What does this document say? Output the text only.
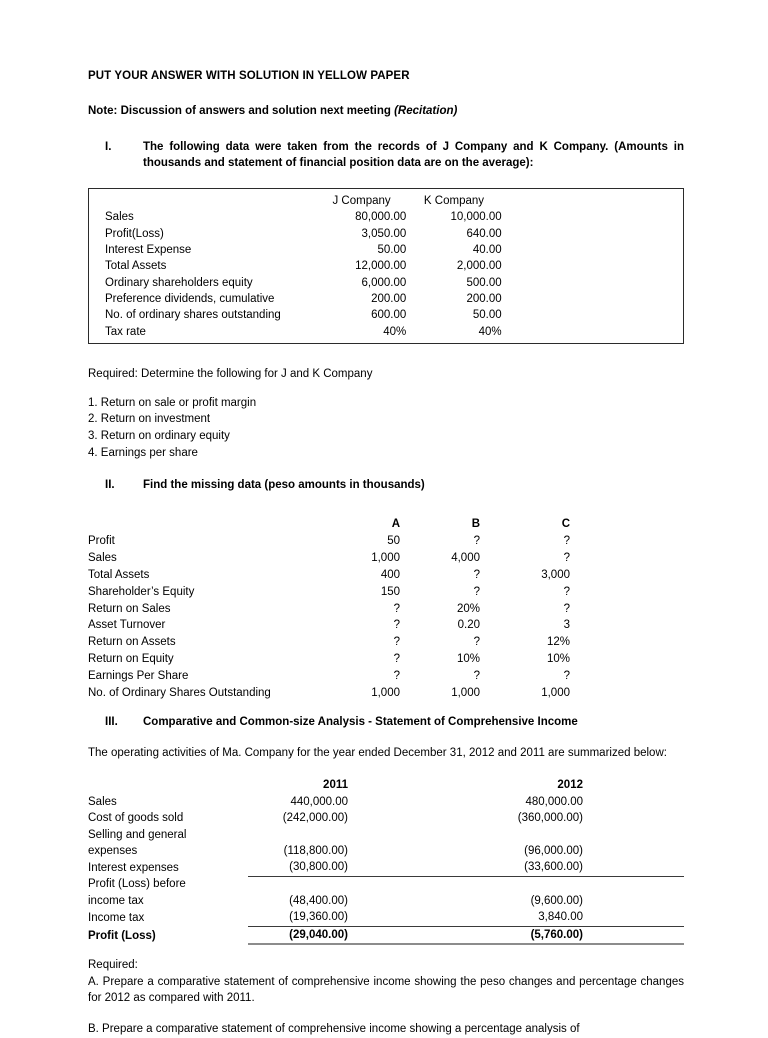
PUT YOUR ANSWER WITH SOLUTION IN YELLOW PAPER
Note: Discussion of answers and solution next meeting (Recitation)
I.	The following data were taken from the records of J Company and K Company. (Amounts in thousands and statement of financial position data are on the average):
	J Company	K Company	
Sales	80,000.00	10,000.00	
Profit(Loss)	3,050.00	640.00	
Interest Expense	50.00	40.00	
Total Assets	12,000.00	2,000.00	
Ordinary shareholders equity	6,000.00	500.00	
Preference dividends, cumulative	200.00	200.00	
No. of ordinary shares outstanding	600.00	50.00	
Tax rate	40%	40%	
Required: Determine the following for J and K Company
1. Return on sale or profit margin
2. Return on investment
3. Return on ordinary equity
4. Earnings per share
II.	Find the missing data (peso amounts in thousands)
	A	B	C	
Profit	50	?	?	
Sales	1,000	4,000	?	
Total Assets	400	?	3,000	
Shareholder’s Equity	150	?	?	
Return on Sales	?	20%	?	
Asset Turnover	?	0.20	3	
Return on Assets	?	?	12%	
Return on Equity	?	10%	10%	
Earnings Per Share	?	?	?	
No. of Ordinary Shares Outstanding	1,000	1,000	1,000	
III.	Comparative and Common-size Analysis - Statement of Comprehensive Income
The operating activities of Ma. Company for the year ended December 31, 2012 and 2011 are summarized below:
	2011		2012	
Sales	440,000.00		480,000.00	
Cost of goods sold	(242,000.00)		(360,000.00)	
Selling and general				
expenses	(118,800.00)		(96,000.00)	
Interest expenses	(30,800.00)		(33,600.00)	
Profit (Loss) before				
income tax	(48,400.00)		(9,600.00)	
Income tax	(19,360.00)		3,840.00	
Profit (Loss)	(29,040.00)		(5,760.00)	
Required:
A. Prepare a comparative statement of comprehensive income showing the peso changes and percentage changes for 2012 as compared with 2011.
B. Prepare a comparative statement of comprehensive income showing a percentage analysis of
